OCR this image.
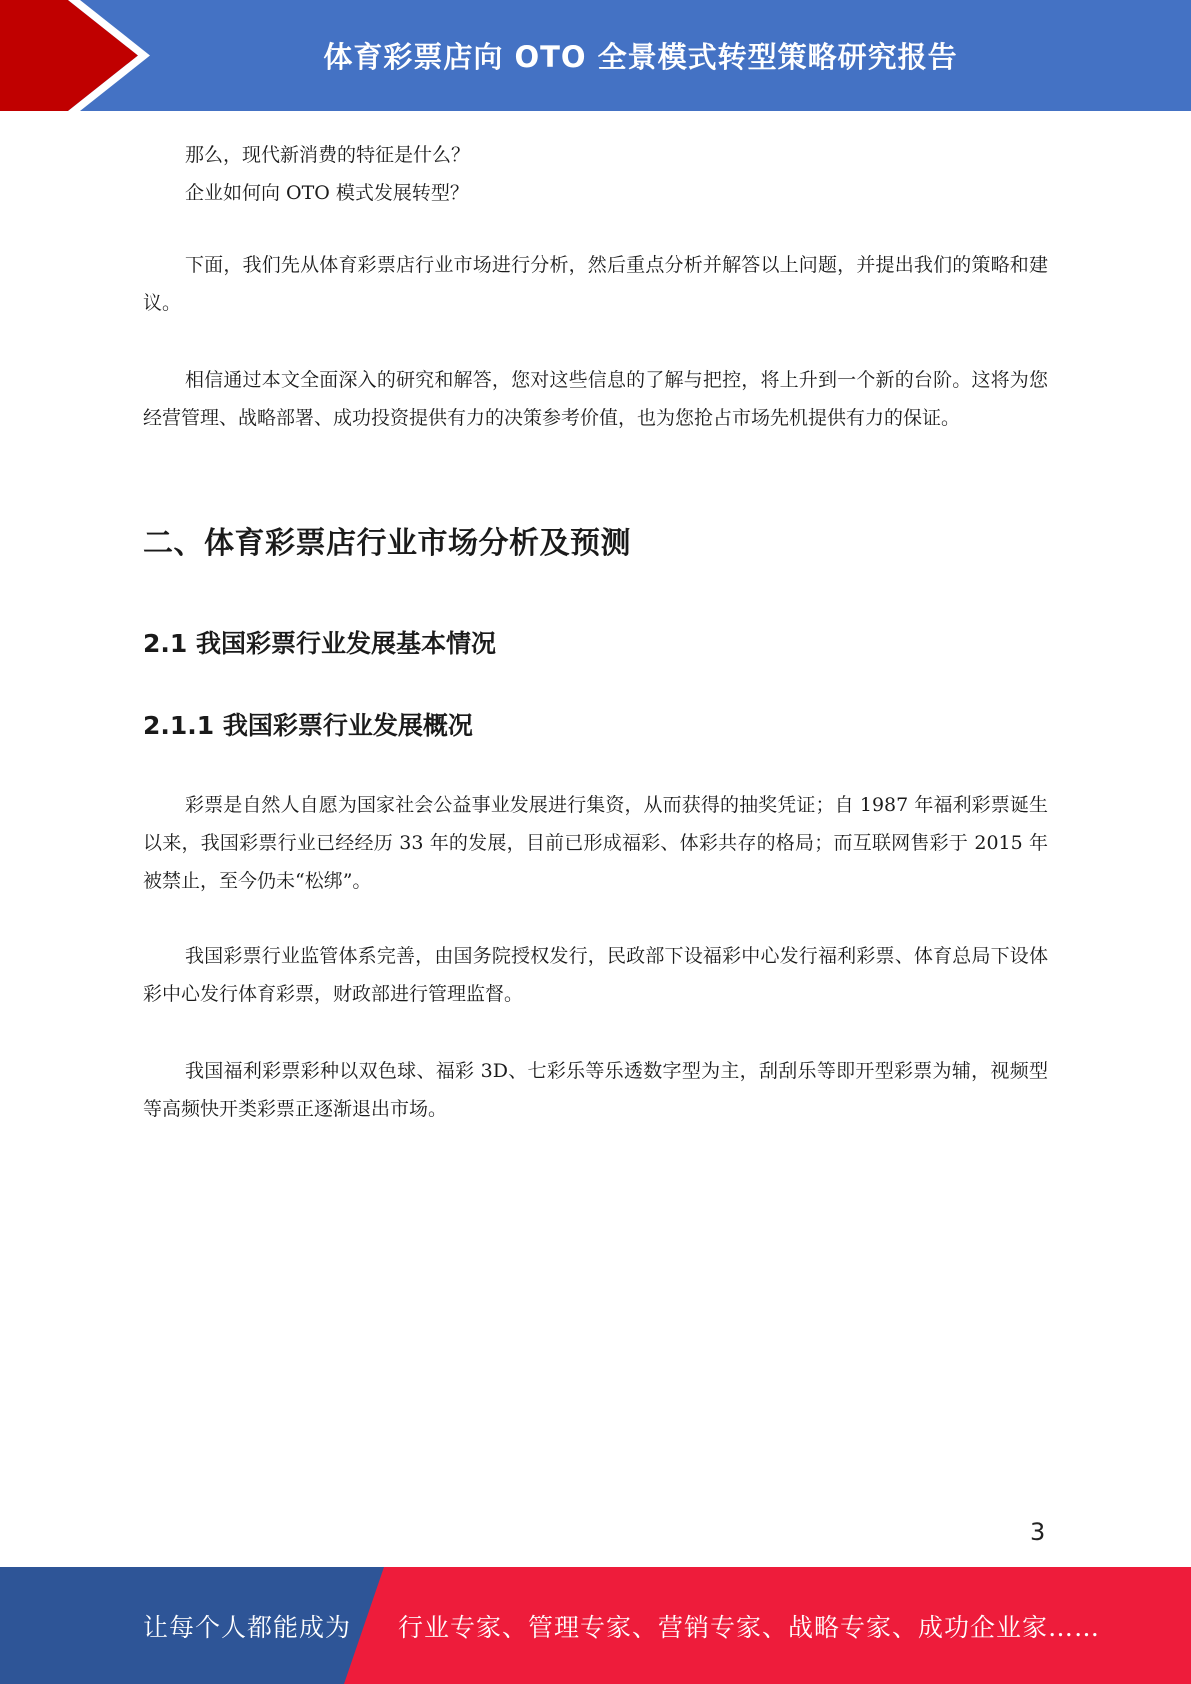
体育彩票店向 OTO 全景模式转型策略研究报告

那么，现代新消费的特征是什么？

企业如何向 OTO 模式发展转型？

下面，我们先从体育彩票店行业市场进行分析，然后重点分析并解答以上问题，并提出我们的策略和建议。

相信通过本文全面深入的研究和解答，您对这些信息的了解与把控，将上升到一个新的台阶。这将为您经营管理、战略部署、成功投资提供有力的决策参考价值，也为您抢占市场先机提供有力的保证。

二、体育彩票店行业市场分析及预测
2.1 我国彩票行业发展基本情况
2.1.1 我国彩票行业发展概况

彩票是自然人自愿为国家社会公益事业发展进行集资，从而获得的抽奖凭证；自 1987 年福利彩票诞生以来，我国彩票行业已经经历 33 年的发展，目前已形成福彩、体彩共存的格局；而互联网售彩于 2015 年被禁止，至今仍未“松绑”。

我国彩票行业监管体系完善，由国务院授权发行，民政部下设福彩中心发行福利彩票、体育总局下设体彩中心发行体育彩票，财政部进行管理监督。

我国福利彩票彩种以双色球、福彩 3D、七彩乐等乐透数字型为主，刮刮乐等即开型彩票为辅，视频型等高频快开类彩票正逐渐退出市场。

3
让每个人都能成为 行业专家、管理专家、营销专家、战略专家、成功企业家……
